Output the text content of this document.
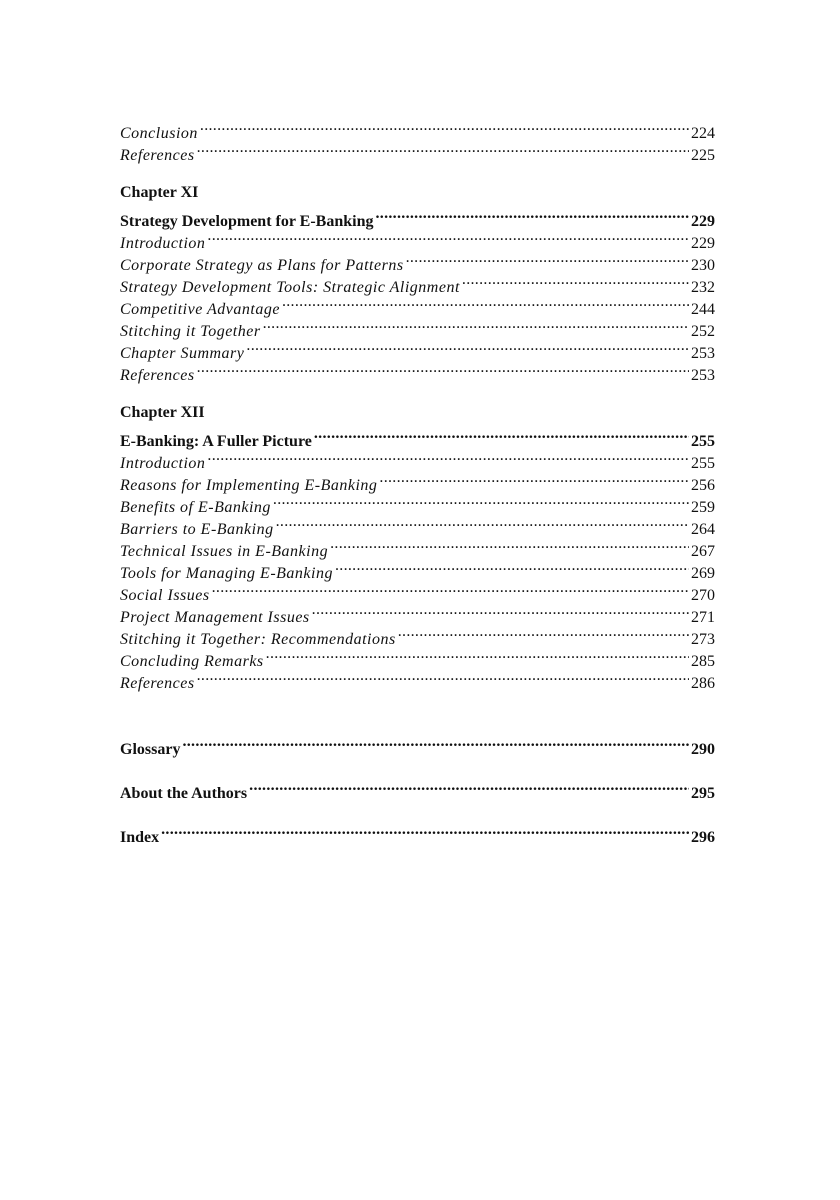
Conclusion .....	224
References .....	225
Chapter XI
Strategy Development for E-Banking .....	229
Introduction .....	229
Corporate Strategy as Plans for Patterns .....	230
Strategy Development Tools: Strategic Alignment .....	232
Competitive Advantage .....	244
Stitching it Together .....	252
Chapter Summary .....	253
References .....	253
Chapter XII
E-Banking: A Fuller Picture .....	255
Introduction .....	255
Reasons for Implementing E-Banking .....	256
Benefits of E-Banking .....	259
Barriers to E-Banking .....	264
Technical Issues in E-Banking .....	267
Tools for Managing E-Banking .....	269
Social Issues .....	270
Project Management Issues .....	271
Stitching it Together: Recommendations .....	273
Concluding Remarks .....	285
References .....	286
Glossary .....	290
About the Authors .....	295
Index .....	296
